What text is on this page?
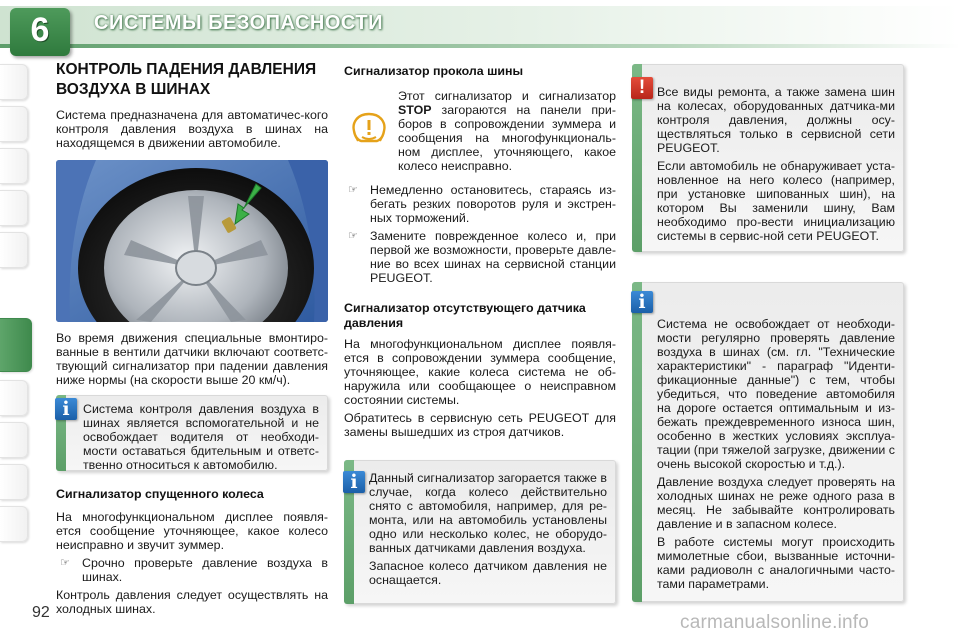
6	СИСТЕМЫ БЕЗОПАСНОСТИ
КОНТРОЛЬ ПАДЕНИЯ ДАВЛЕНИЯ
ВОЗДУХА В ШИНАХ

Система предназначена для автоматичес-кого контроля давления воздуха в шинах на находящемся в движении автомобиле.

Во время движения специальные вмонтиро-ванные в вентили датчики включают соответс-твующий сигнализатор при падении давления ниже нормы (на скорости выше 20 км/ч).

i	Система контроля давления воздуха в шинах является вспомогательной и не освобождает водителя от необходи-мости оставаться бдительным и ответс-твенно относиться к автомобилю.

Сигнализатор спущенного колеса

На многофункциональном дисплее появля-ется сообщение уточняющее, какое колесо неисправно и звучит зуммер.

☞ Срочно проверьте давление воздуха в шинах.

Контроль давления следует осуществлять на холодных шинах.

Сигнализатор прокола шины

Этот сигнализатор и сигнализатор STOP загораются на панели при-боров в сопровождении зуммера и сообщения на многофункциональ-ном дисплее, уточняющего, какое колесо неисправно.

☞ Немедленно остановитесь, стараясь из-бегать резких поворотов руля и экстрен-ных торможений.
☞ Замените поврежденное колесо и, при первой же возможности, проверьте давле-ние во всех шинах на сервисной станции PEUGEOT.
Сигнализатор отсутствующего датчика
давления

На многофункциональном дисплее появля-ется в сопровождении зуммера сообщение, уточняющее, какие колеса система не об-наружила или сообщающее о неисправном состоянии системы.

Обратитесь в сервисную сеть PEUGEOT для замены вышедших из строя датчиков.

i Данный сигнализатор загорается также в случае, когда колесо действительно снято с автомобиля, например, для ре-монта, или на автомобиль установлены одно или несколько колес, не оборудо-ванных датчиками давления воздуха.

Запасное колесо датчиком давления не оснащается.

! Все виды ремонта, а также замена шин на колесах, оборудованных датчика-ми контроля давления, должны осу-ществляться только в сервисной сети PEUGEOT.

Если автомобиль не обнаруживает уста-новленное на него колесо (например, при установке шипованных шин), на котором Вы заменили шину, Вам необходимо про-вести инициализацию системы в сервис-ной сети PEUGEOT.

i

Система не освобождает от необходи-мости регулярно проверять давление воздуха в шинах (см. гл. "Технические характеристики" - параграф "Иденти-фикационные данные") с тем, чтобы убедиться, что поведение автомобиля на дороге остается оптимальным и из-бежать преждевременного износа шин, особенно в жестких условиях эксплуа-тации (при тяжелой загрузке, движении с очень высокой скоростью и т.д.).

Давление воздуха следует проверять на холодных шинах не реже одного раза в месяц. Не забывайте контролировать давление и в запасном колесе.

В работе системы могут происходить мимолетные сбои, вызванные источни-ками радиоволн с аналогичными часто-тами параметрами.

92	carmanualsonline.info
